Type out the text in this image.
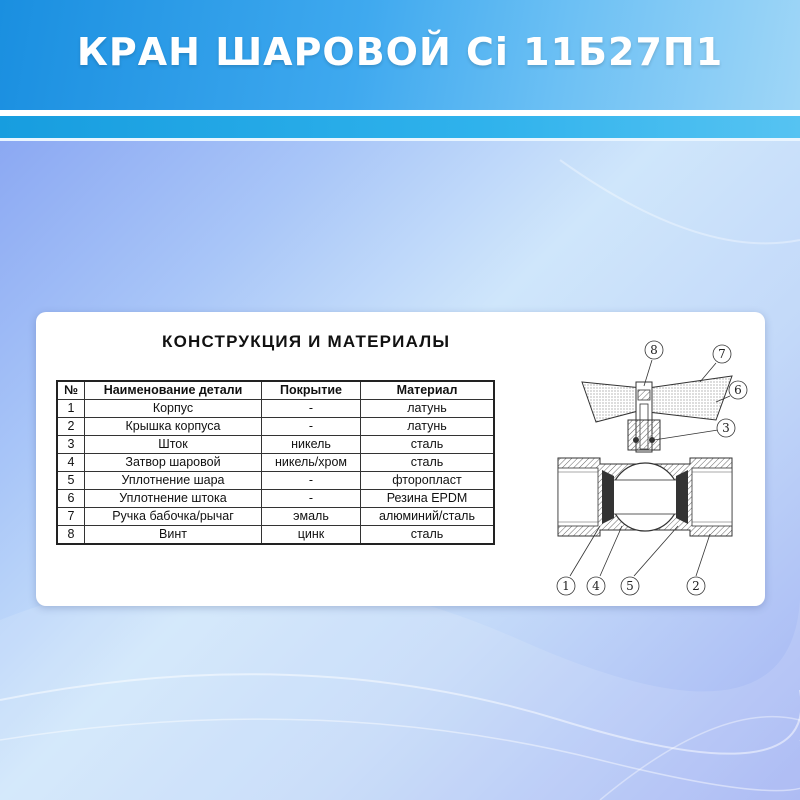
КРАН ШАРОВОЙ Ci 11Б27П1
КОНСТРУКЦИЯ И МАТЕРИАЛЫ
№	Наименование детали	Покрытие	Материал
1	Корпус	-	латунь
2	Крышка корпуса	-	латунь
3	Шток	никель	сталь
4	Затвор шаровой	никель/хром	сталь
5	Уплотнение шара	-	фторопласт
6	Уплотнение штока	-	Резина EPDM
7	Ручка бабочка/рычаг	эмаль	алюминий/сталь
8	Винт	цинк	сталь
8	7
6
3
1 4 5	2
